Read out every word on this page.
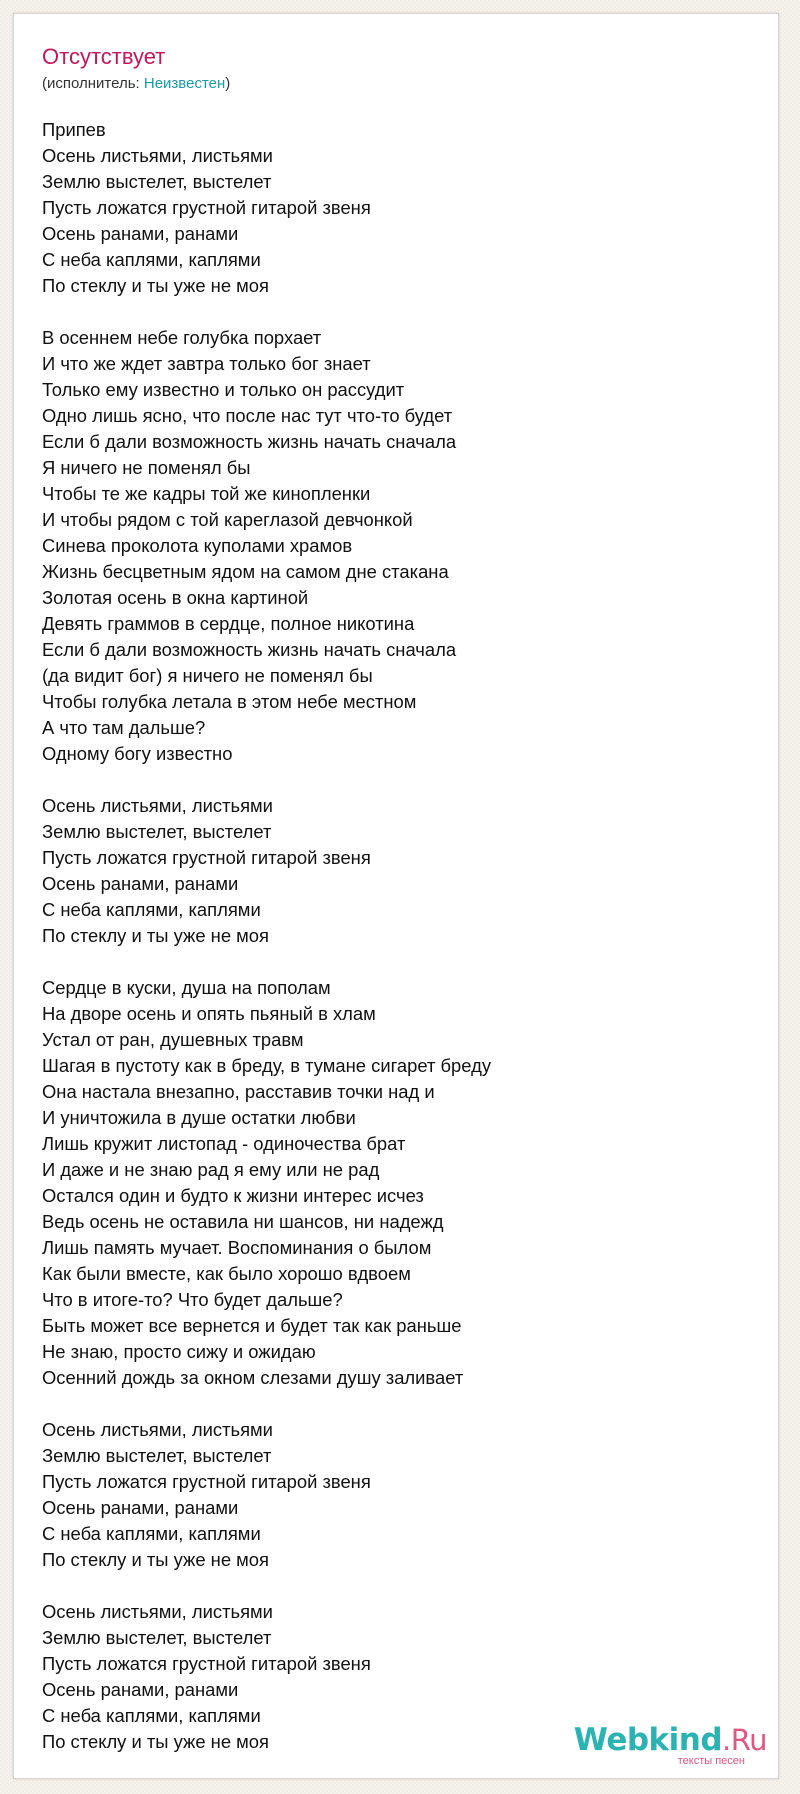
Отсутствует
(исполнитель: Неизвестен)
Припев
Осень листьями, листьями
Землю выстелет, выстелет
Пусть ложатся грустной гитарой звеня
Осень ранами, ранами
С неба каплями, каплями
По стеклу и ты уже не моя
В осеннем небе голубка порхает
И что же ждет завтра только бог знает
Только ему известно и только он рассудит
Одно лишь ясно, что после нас тут что-то будет
Если б дали возможность жизнь начать сначала
Я ничего не поменял бы
Чтобы те же кадры той же кинопленки
И чтобы рядом с той кареглазой девчонкой
Синева проколота куполами храмов
Жизнь бесцветным ядом на самом дне стакана
Золотая осень в окна картиной
Девять граммов в сердце, полное никотина
Если б дали возможность жизнь начать сначала
(да видит бог) я ничего не поменял бы
Чтобы голубка летала в этом небе местном
А что там дальше?
Одному богу известно
Осень листьями, листьями
Землю выстелет, выстелет
Пусть ложатся грустной гитарой звеня
Осень ранами, ранами
С неба каплями, каплями
По стеклу и ты уже не моя
Сердце в куски, душа на пополам
На дворе осень и опять пьяный в хлам
Устал от ран, душевных травм
Шагая в пустоту как в бреду, в тумане сигарет бреду
Она настала внезапно, расставив точки над и
И уничтожила в душе остатки любви
Лишь кружит листопад - одиночества брат
И даже и не знаю рад я ему или не рад
Остался один и будто к жизни интерес исчез
Ведь осень не оставила ни шансов, ни надежд
Лишь память мучает. Воспоминания о былом
Как были вместе, как было хорошо вдвоем
Что в итоге-то? Что будет дальше?
Быть может все вернется и будет так как раньше
Не знаю, просто сижу и ожидаю
Осенний дождь за окном слезами душу заливает
Осень листьями, листьями
Землю выстелет, выстелет
Пусть ложатся грустной гитарой звеня
Осень ранами, ранами
С неба каплями, каплями
По стеклу и ты уже не моя
Осень листьями, листьями
Землю выстелет, выстелет
Пусть ложатся грустной гитарой звеня
Осень ранами, ранами
С неба каплями, каплями
По стеклу и ты уже не моя	Webkind.Ru
тексты песен
